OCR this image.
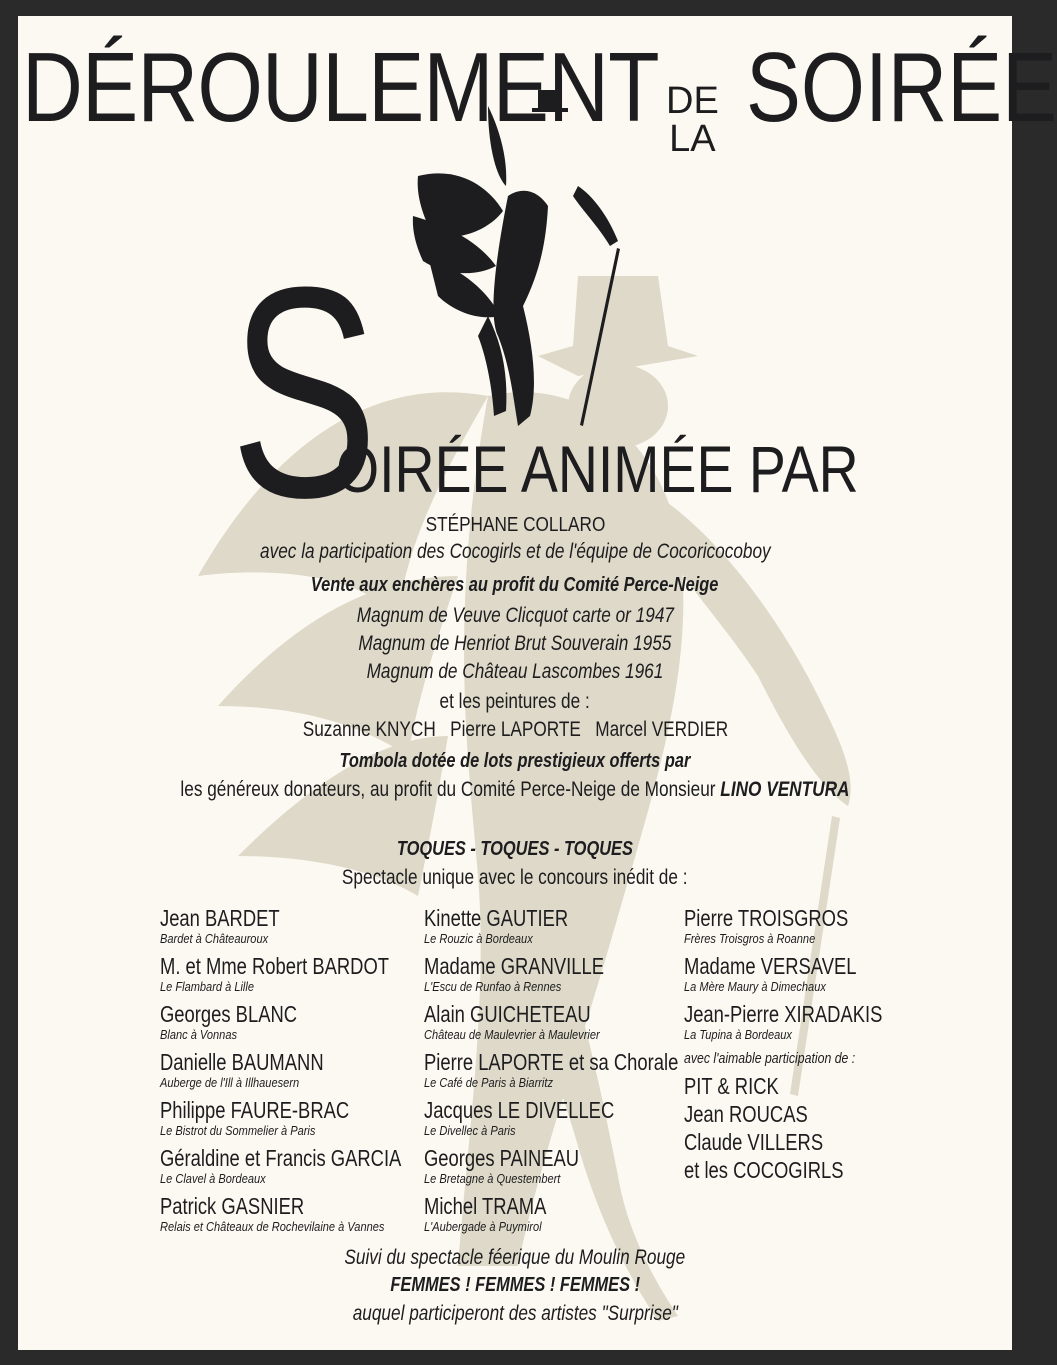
DÉROULEMENT DE
LA SOIRÉE
S
OIRÉE ANIMÉE PAR
STÉPHANE COLLARO
avec la participation des Cocogirls et de l'équipe de Cocoricocoboy
Vente aux enchères au profit du Comité Perce-Neige
Magnum de Veuve Clicquot carte or 1947
Magnum de Henriot Brut Souverain 1955
Magnum de Château Lascombes 1961
et les peintures de :
Suzanne KNYCH   Pierre LAPORTE   Marcel VERDIER
Tombola dotée de lots prestigieux offerts par
les généreux donateurs, au profit du Comité Perce-Neige de Monsieur LINO VENTURA
TOQUES - TOQUES - TOQUES
Spectacle unique avec le concours inédit de :
Jean BARDET
Bardet à Châteauroux
M. et Mme Robert BARDOT
Le Flambard à Lille
Georges BLANC
Blanc à Vonnas
Danielle BAUMANN
Auberge de l'Ill à Illhauesern
Philippe FAURE-BRAC
Le Bistrot du Sommelier à Paris
Géraldine et Francis GARCIA
Le Clavel à Bordeaux
Patrick GASNIER
Relais et Châteaux de Rochevilaine à Vannes
Kinette GAUTIER
Le Rouzic à Bordeaux
Madame GRANVILLE
L'Escu de Runfao à Rennes
Alain GUICHETEAU
Château de Maulevrier à Maulevrier
Pierre LAPORTE et sa Chorale
Le Café de Paris à Biarritz
Jacques LE DIVELLEC
Le Divellec à Paris
Georges PAINEAU
Le Bretagne à Questembert
Michel TRAMA
L'Aubergade à Puymirol
Pierre TROISGROS
Frères Troisgros à Roanne
Madame VERSAVEL
La Mère Maury à Dimechaux
Jean-Pierre XIRADAKIS
La Tupina à Bordeaux
avec l'aimable participation de :
PIT & RICK
Jean ROUCAS
Claude VILLERS
et les COCOGIRLS
Suivi du spectacle féerique du Moulin Rouge
FEMMES ! FEMMES ! FEMMES !
auquel participeront des artistes "Surprise"
